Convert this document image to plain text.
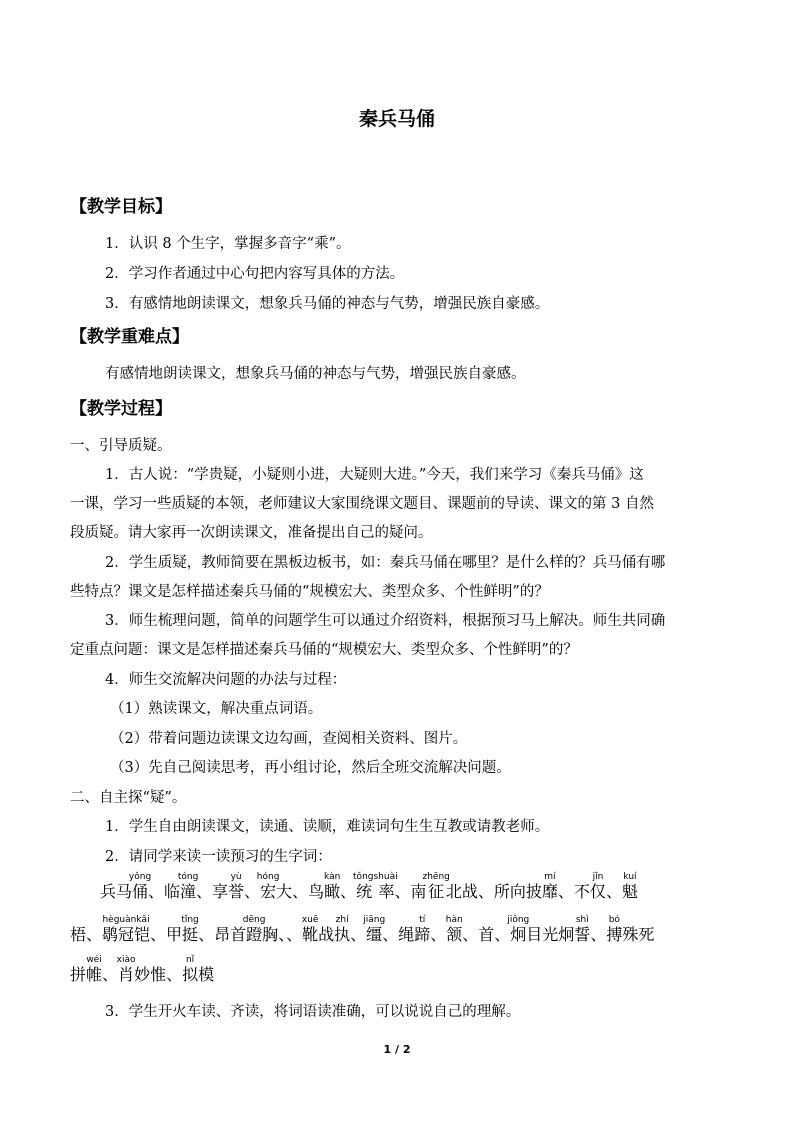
秦兵马俑
【教学目标】
1．认识 8 个生字，掌握多音字“乘”。
2．学习作者通过中心句把内容写具体的方法。
3．有感情地朗读课文，想象兵马俑的神态与气势，增强民族自豪感。
【教学重难点】
有感情地朗读课文，想象兵马俑的神态与气势，增强民族自豪感。
【教学过程】
一、引导质疑。
1．古人说：“学贵疑，小疑则小进，大疑则大进。”今天，我们来学习《秦兵马俑》这
一课，学习一些质疑的本领，老师建议大家围绕课文题目、课题前的导读、课文的第 3 自然
段质疑。请大家再一次朗读课文，准备提出自己的疑问。
2．学生质疑，教师简要在黑板边板书，如：秦兵马俑在哪里？是什么样的？兵马俑有哪
些特点？课文是怎样描述秦兵马俑的“规模宏大、类型众多、个性鲜明”的？
3．师生梳理问题，简单的问题学生可以通过介绍资料，根据预习马上解决。师生共同确
定重点问题：课文是怎样描述秦兵马俑的“规模宏大、类型众多、个性鲜明”的？
4．师生交流解决问题的办法与过程：
（1）熟读课文，解决重点词语。
（2）带着问题边读课文边勾画，查阅相关资料、图片。
（3）先自己阅读思考，再小组讨论，然后全班交流解决问题。
二、自主探“疑”。
1．学生自由朗读课文，读通、读顺，难读词句生生互教或请教老师。
2．请同学来读一读预习的生字词：
兵马俑yǒng、临潼tóng、享誉yù、宏hóng大、鸟瞰kàn、统率tǒngshuài、南征zhēng北战、所向披靡mí、不仅jǐn、魁kuí
梧、鹖冠铠hèguànkǎi、甲挺tǐng、昂首蹬dēng胸、、靴xuē战执zhí、缰jiāng、绳蹄tí、颔hàn、首、炯jiǒng目光炯誓shì、搏bó殊死
拼帷wéi、肖xiào妙惟、拟nǐ模
3．学生开火车读、齐读，将词语读准确，可以说说自己的理解。
1 / 2
